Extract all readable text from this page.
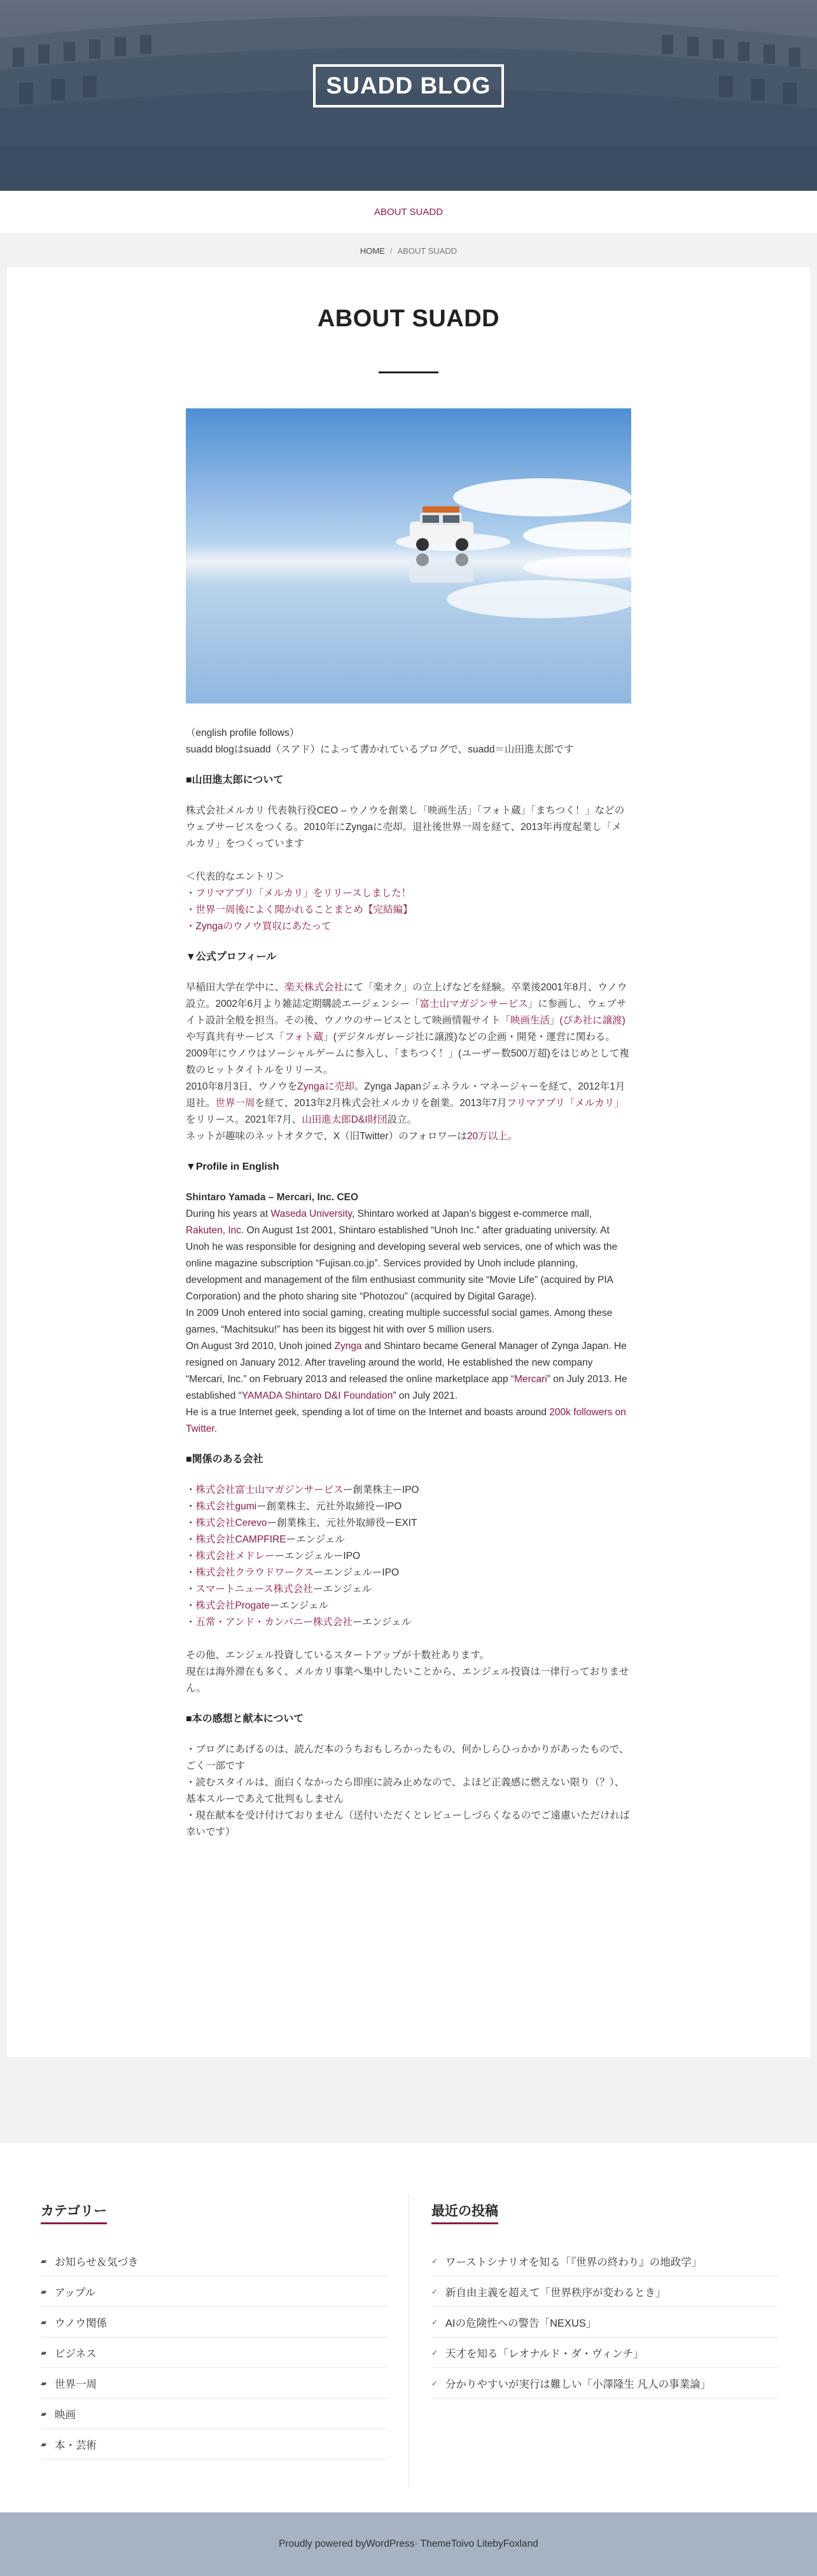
SUADD BLOG
ABOUT SUADD
HOME / ABOUT SUADD
ABOUT SUADD

（english profile follows）

suadd blogはsuadd（スアド）によって書かれているブログで、suadd＝山田進太郎です

■山田進太郎について

株式会社メルカリ 代表執行役CEO – ウノウを創業し「映画生活」「フォト蔵」「まちつく！」などのウェブサービスをつくる。2010年にZyngaに売却。退社後世界一周を経て、2013年再度起業し「メルカリ」をつくっています

＜代表的なエントリ＞

・フリマアプリ「メルカリ」をリリースしました！

・世界一周後によく聞かれることまとめ【完結編】

・Zyngaのウノウ買収にあたって

▼公式プロフィール

早稲田大学在学中に、楽天株式会社にて「楽オク」の立上げなどを経験。卒業後2001年8月、ウノウ設立。2002年6月より雑誌定期購読エージェンシー「富士山マガジンサービス」に参画し、ウェブサイト設計全般を担当。その後、ウノウのサービスとして映画情報サイト「映画生活」(ぴあ社に譲渡)や写真共有サービス「フォト蔵」(デジタルガレージ社に譲渡)などの企画・開発・運営に関わる。

2009年にウノウはソーシャルゲームに参入し、「まちつく！」(ユーザー数500万超)をはじめとして複数のヒットタイトルをリリース。

2010年8月3日、ウノウをZyngaに売却。Zynga Japanジェネラル・マネージャーを経て、2012年1月退社。世界一周を経て、2013年2月株式会社メルカリを創業。2013年7月フリマアプリ「メルカリ」をリリース。2021年7月、山田進太郎D&I財団設立。

ネットが趣味のネットオタクで、X（旧Twitter）のフォロワーは20万以上。

▼Profile in English

Shintaro Yamada – Mercari, Inc. CEO

During his years at Waseda University, Shintaro worked at Japan’s biggest e-commerce mall, Rakuten, Inc. On August 1st 2001, Shintaro established “Unoh Inc.” after graduating university. At Unoh he was responsible for designing and developing several web services, one of which was the online magazine subscription “Fujisan.co.jp”. Services provided by Unoh include planning, development and management of the film enthusiast community site “Movie Life” (acquired by PIA Corporation) and the photo sharing site “Photozou” (acquired by Digital Garage).

In 2009 Unoh entered into social gaming, creating multiple successful social games. Among these games, “Machitsuku!” has been its biggest hit with over 5 million users.

On August 3rd 2010, Unoh joined Zynga and Shintaro became General Manager of Zynga Japan. He resigned on January 2012. After traveling around the world, He established the new company “Mercari, Inc.” on February 2013 and released the online marketplace app “Mercari” on July 2013. He established “YAMADA Shintaro D&I Foundation” on July 2021.

He is a true Internet geek, spending a lot of time on the Internet and boasts around 200k followers on Twitter.

■関係のある会社

・株式会社富士山マガジンサービスー創業株主ーIPO

・株式会社gumiー創業株主、元社外取締役ーIPO

・株式会社Cerevoー創業株主、元社外取締役ーEXIT

・株式会社CAMPFIREーエンジェル

・株式会社メドレーーエンジェルーIPO

・株式会社クラウドワークスーエンジェルーIPO

・スマートニュース株式会社ーエンジェル

・株式会社Progateーエンジェル

・五常・アンド・カンパニー株式会社ーエンジェル

その他、エンジェル投資しているスタートアップが十数社あります。

現在は海外滞在も多く、メルカリ事業へ集中したいことから、エンジェル投資は一律行っておりません。

■本の感想と献本について

・ブログにあげるのは、読んだ本のうちおもしろかったもの、何かしらひっかかりがあったもので、ごく一部です

・読むスタイルは、面白くなかったら即座に読み止めなので、よほど正義感に燃えない限り（？）、基本スルーであえて批判もしません

・現在献本を受け付けておりません（送付いただくとレビューしづらくなるのでご遠慮いただければ幸いです）

カテゴリー
▰ お知らせ＆気づき
▰ アップル
▰ ウノウ関係
▰ ビジネス
▰ 世界一周
▰ 映画
▰ 本・芸術
最近の投稿
✓ ワーストシナリオを知る「『世界の終わり』の地政学」
✓ 新自由主義を超えて「世界秩序が変わるとき」
✓ AIの危険性への警告「NEXUS」
✓ 天才を知る「レオナルド・ダ・ヴィンチ」
✓ 分かりやすいが実行は難しい「小澤隆生 凡人の事業論」
Proudly powered by WordPress · Theme Toivo Lite by Foxland
